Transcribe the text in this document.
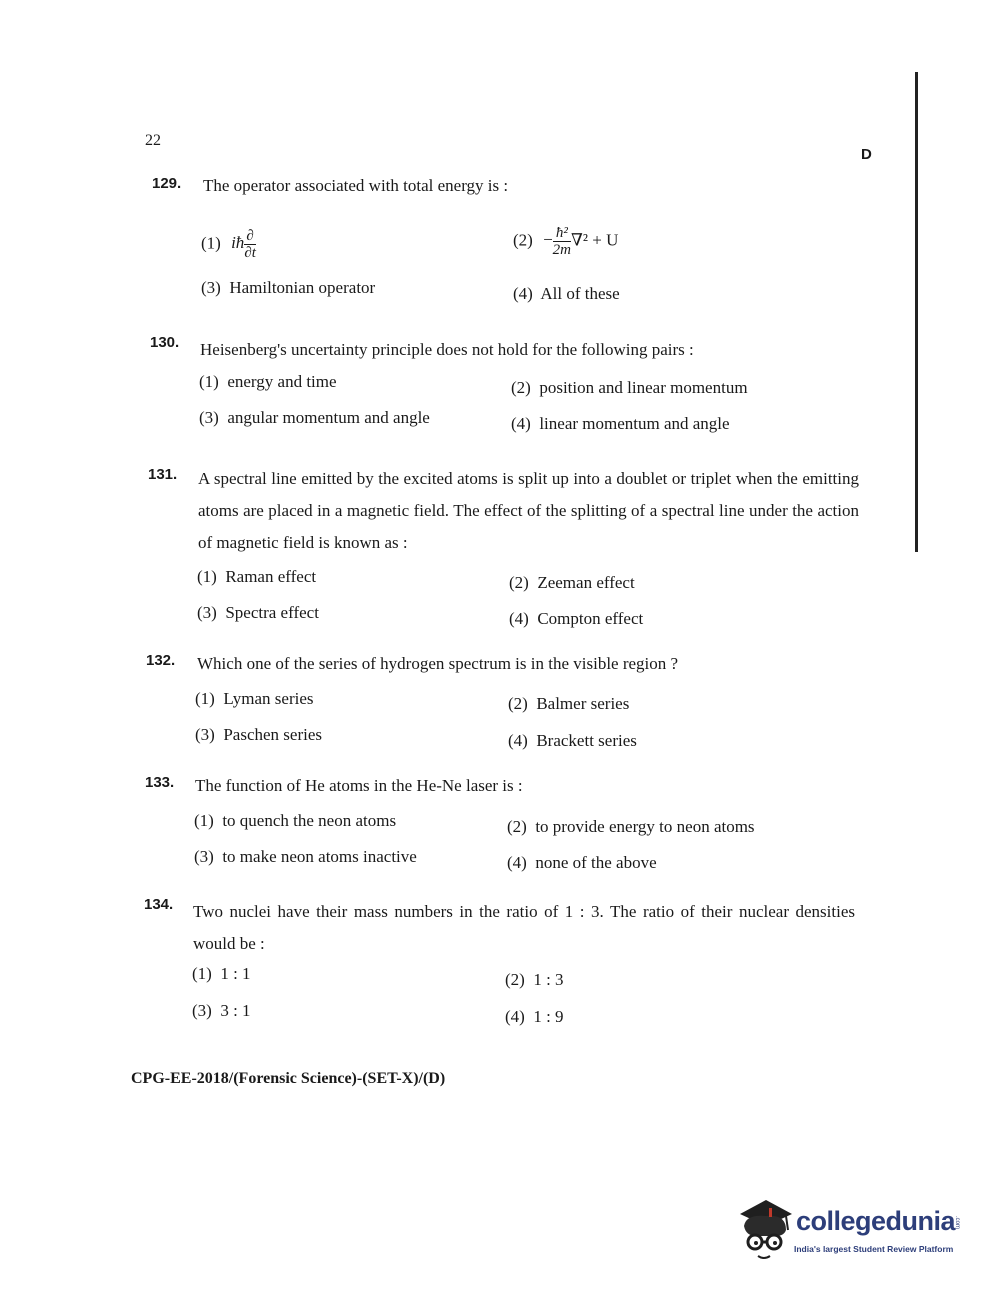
22
D
129. The operator associated with total energy is :
(1) iħ $\frac{\partial}{\partial t}$	$(2) - \frac{\text{ħ²}}{2m} \nabla^2 + U$
(3) Hamiltonian operator	(4) All of these
130. Heisenberg's uncertainty principle does not hold for the following pairs :
(1) energy and time	(2) position and linear momentum
(3) angular momentum and angle	(4) linear momentum and angle
131. A spectral line emitted by the excited atoms is split up into a doublet or triplet when the emitting atoms are placed in a magnetic field. The effect of the splitting of a spectral line under the action of magnetic field is known as :
(1) Raman effect	(2) Zeeman effect
(3) Spectra effect	(4) Compton effect
132. Which one of the series of hydrogen spectrum is in the visible region ?
(1) Lyman series	(2) Balmer series
(3) Paschen series	(4) Brackett series
133. The function of He atoms in the He-Ne laser is :
(1) to quench the neon atoms	(2) to provide energy to neon atoms
(3) to make neon atoms inactive	(4) none of the above
134. Two nuclei have their mass numbers in the ratio of 1 : 3. The ratio of their nuclear densities would be :
(1) 1 : 1	(2) 1 : 3
(3) 3 : 1	(4) 1 : 9
CPG-EE-2018/(Forensic Science)-(SET-X)/(D)
collegedunia
.com
India's largest Student Review Platform
